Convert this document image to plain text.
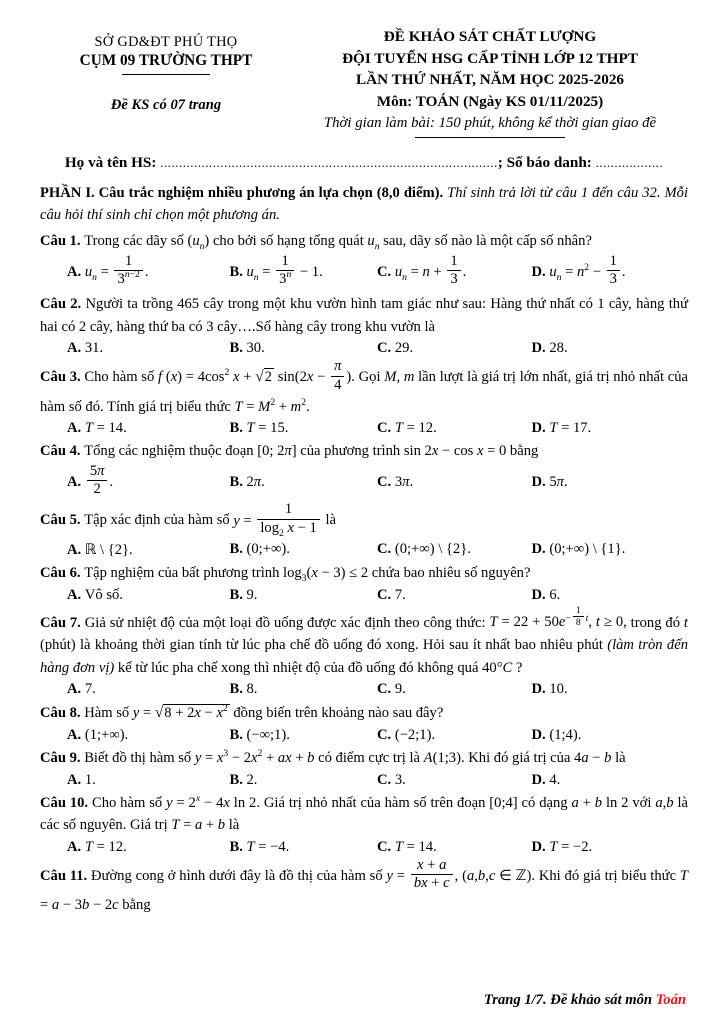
SỞ GD&ĐT PHÚ THỌ
CỤM 09 TRƯỜNG THPT
Đề KS có 07 trang
ĐỀ KHẢO SÁT CHẤT LƯỢNG
ĐỘI TUYỂN HSG CẤP TỈNH LỚP 12 THPT
LẦN THỨ NHẤT, NĂM HỌC 2025-2026
Môn: TOÁN (Ngày KS 01/11/2025)
Thời gian làm bài: 150 phút, không kể thời gian giao đề
Họ và tên HS: ..........................................................................................; Số báo danh: ..................

PHẦN I. Câu trắc nghiệm nhiều phương án lựa chọn (8,0 điểm). Thí sinh trả lời từ câu 1 đến câu 32. Mỗi câu hỏi thí sinh chỉ chọn một phương án.

Câu 1. Trong các dãy số $(u_n)$ cho bởi số hạng tổng quát $u_n$ sau, dãy số nào là một cấp số nhân?

A. $u_n = \frac{1}{3^{n-2}}$ .	B. $u_n = \frac{1}{3^n} - 1$.	C. $u_n = n + \frac{1}{3}$ .	D. $u_n = n^2 - \frac{1}{3}$ .

Câu 2. Người ta trồng 465 cây trong một khu vườn hình tam giác như sau: Hàng thứ nhất có 1 cây, hàng thứ hai có 2 cây, hàng thứ ba có 3 cây….Số hàng cây trong khu vườn là

A. 31.	B. 30.	C. 29.	D. 28.

Câu 3. Cho hàm số f $(x) = 4\cos^2$ x + √2 $\sin(2x - \frac{\pi}{4}$ ). Gọi M, m lần lượt là giá trị lớn nhất, giá trị nhỏ nhất của hàm số đó. Tính giá trị biểu thức $T = M^2 + m^2$.

A. T = 14.	B. T = 15.	C. T = 12.	D. T = 17.

Câu 4. Tổng các nghiệm thuộc đoạn [0; 2π] của phương trình sin 2x − cos x = 0 bằng

A. $\frac{5\pi}{2}$ .	B. 2π.	C. 3π.	D. 5π.

Câu 5. Tập xác định của hàm số $y = \frac{1}{\log_2 x - 1}$ là

A. ℝ \ {2}.	B. (0;+∞).	C. (0;+∞) \ {2}.	D. (0;+∞) \ {1}.

Câu 6. Tập nghiệm của bất phương trình $\log_3(x - 3) \le 2$ chứa bao nhiêu số nguyên?

A. Vô số.	B. 9.	C. 7.	D. 6.

Câu 7. Giả sử nhiệt độ của một loại đồ uống được xác định theo công thức: $T = 22 + 50e^{- \frac{1}{8} t}$, t ≥ 0, trong đó t (phút) là khoảng thời gian tính từ lúc pha chế đồ uống đó xong. Hỏi sau ít nhất bao nhiêu phút (làm tròn đến hàng đơn vị) kể từ lúc pha chế xong thì nhiệt độ của đồ uống đó không quá 40°C ?

A. 7.	B. 8.	C. 9.	D. 10.

Câu 8. Hàm số $y = √8 + 2x - x^2$ đồng biến trên khoảng nào sau đây?

A. (1;+∞).	B. (−∞;1).	C. (−2;1).	D. (1;4).

Câu 9. Biết đồ thị hàm số $y = x^3 - 2x^2$ + ax + b có điểm cực trị là A(1;3). Khi đó giá trị của 4a − b là

A. 1.	B. 2.	C. 3.	D. 4.

Câu 10. Cho hàm số $y = 2^x - 4x$ ln 2. Giá trị nhỏ nhất của hàm số trên đoạn [0;4] có dạng a + b ln 2 với a,b là các số nguyên. Giá trị T = a + b là

A. T = 12.	B. T = −4.	C. T = 14.	D. T = −2.

Câu 11. Đường cong ở hình dưới đây là đồ thị của hàm số $y = \frac{x + a}{bx + c}$ , (a,b,c ∈ ℤ). Khi đó giá trị biểu thức T = a − 3b − 2c bằng

Trang 1/7. Đề khảo sát môn Toán
